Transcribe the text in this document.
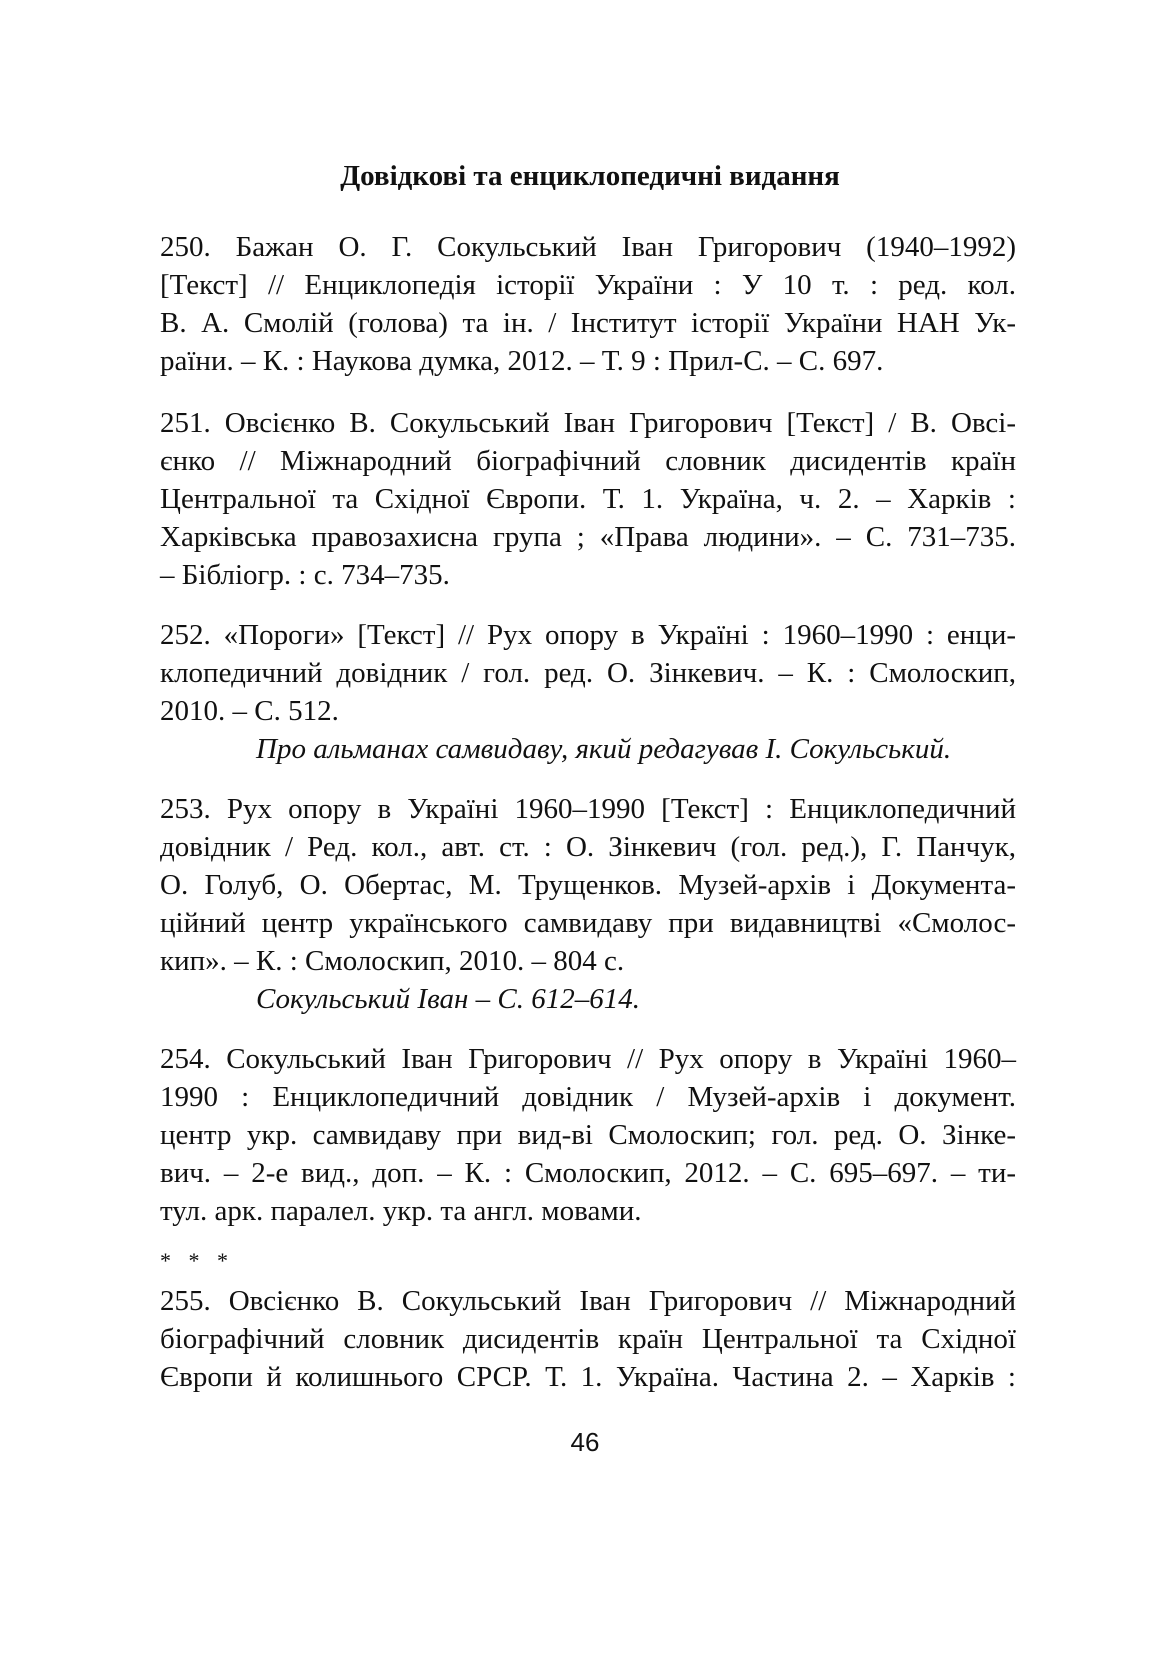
Довідкові та енциклопедичні видання

250. Бажан О. Г. Сокульський Іван Григорович (1940–1992)
[Текст] // Енциклопедія історії України : У 10 т. : ред. кол.
В. А. Смолій (голова) та ін. / Інститут історії України НАН Ук-
раїни. – К. : Наукова думка, 2012. – Т. 9 : Прил-С. – С. 697.

251. Овсієнко В. Сокульський Іван Григорович [Текст] / В. Овсі-
єнко // Міжнародний біографічний словник дисидентів країн
Центральної та Східної Європи. Т. 1. Україна, ч. 2. – Харків :
Харківська правозахисна група ; «Права людини». – С. 731–735.
– Бібліогр. : с. 734–735.

252. «Пороги» [Текст] // Рух опору в Україні : 1960–1990 : енци-
клопедичний довідник / гол. ред. О. Зінкевич. – К. : Смолоскип,
2010. – С. 512.
Про альманах самвидаву, який редагував І. Сокульський.

253. Рух опору в Україні 1960–1990 [Текст] : Енциклопедичний
довідник / Ред. кол., авт. ст. : О. Зінкевич (гол. ред.), Г. Панчук,
О. Голуб, О. Обертас, М. Трущенков. Музей-архів і Документа-
ційний центр українського самвидаву при видавництві «Смолос-
кип». – К. : Смолоскип, 2010. – 804 с.
Сокульський Іван – С. 612–614.

254. Сокульський Іван Григорович // Рух опору в Україні 1960–
1990 : Енциклопедичний довідник / Музей-архів і документ.
центр укр. самвидаву при вид-ві Смолоскип; гол. ред. О. Зінке-
вич. – 2-е вид., доп. – К. : Смолоскип, 2012. – С. 695–697. – ти-
тул. арк. паралел. укр. та англ. мовами.

* * *

255. Овсієнко В. Сокульський Іван Григорович // Міжнародний
біографічний словник дисидентів країн Центральної та Східної
Європи й колишнього СРСР. Т. 1. Україна. Частина 2. – Харків :

46
